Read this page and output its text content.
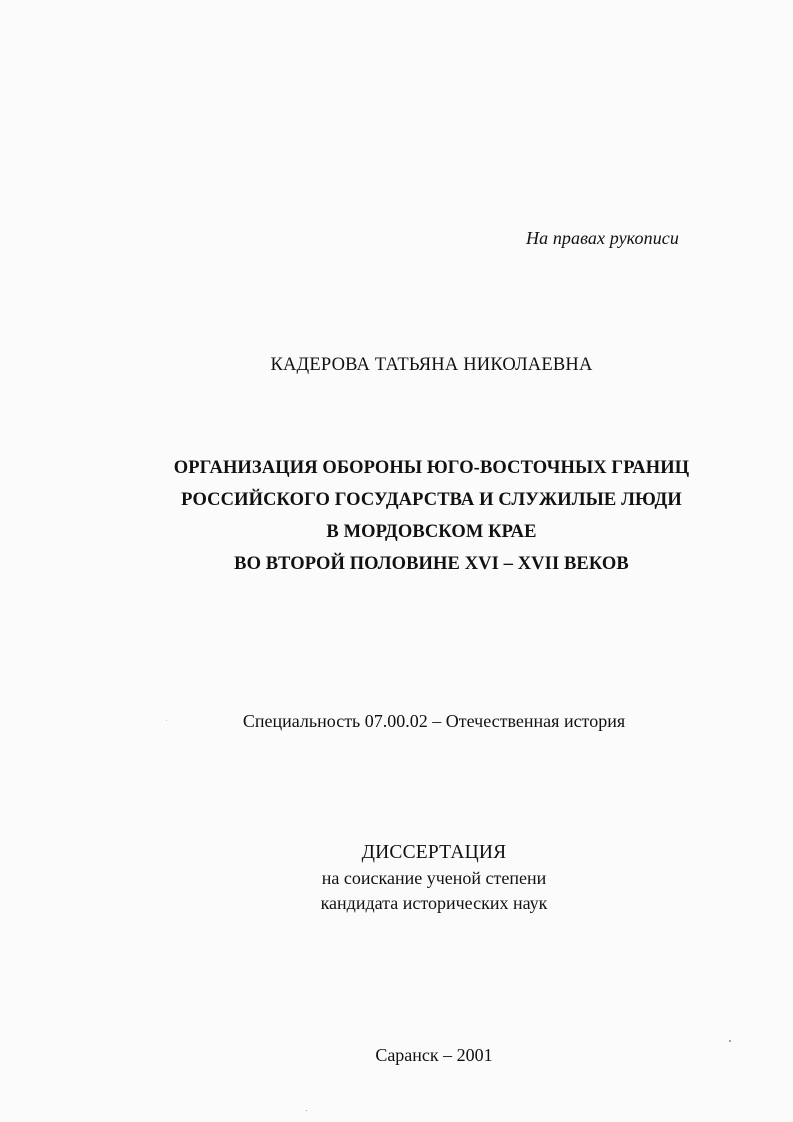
На правах рукописи
КАДЕРОВА ТАТЬЯНА НИКОЛАЕВНА
ОРГАНИЗАЦИЯ ОБОРОНЫ ЮГО-ВОСТОЧНЫХ ГРАНИЦ
РОССИЙСКОГО ГОСУДАРСТВА И СЛУЖИЛЫЕ ЛЮДИ
В МОРДОВСКОМ КРАЕ
ВО ВТОРОЙ ПОЛОВИНЕ XVI – XVII ВЕКОВ
Специальность 07.00.02 – Отечественная история
ДИССЕРТАЦИЯ
на соискание ученой степени
кандидата исторических наук
Саранск – 2001
